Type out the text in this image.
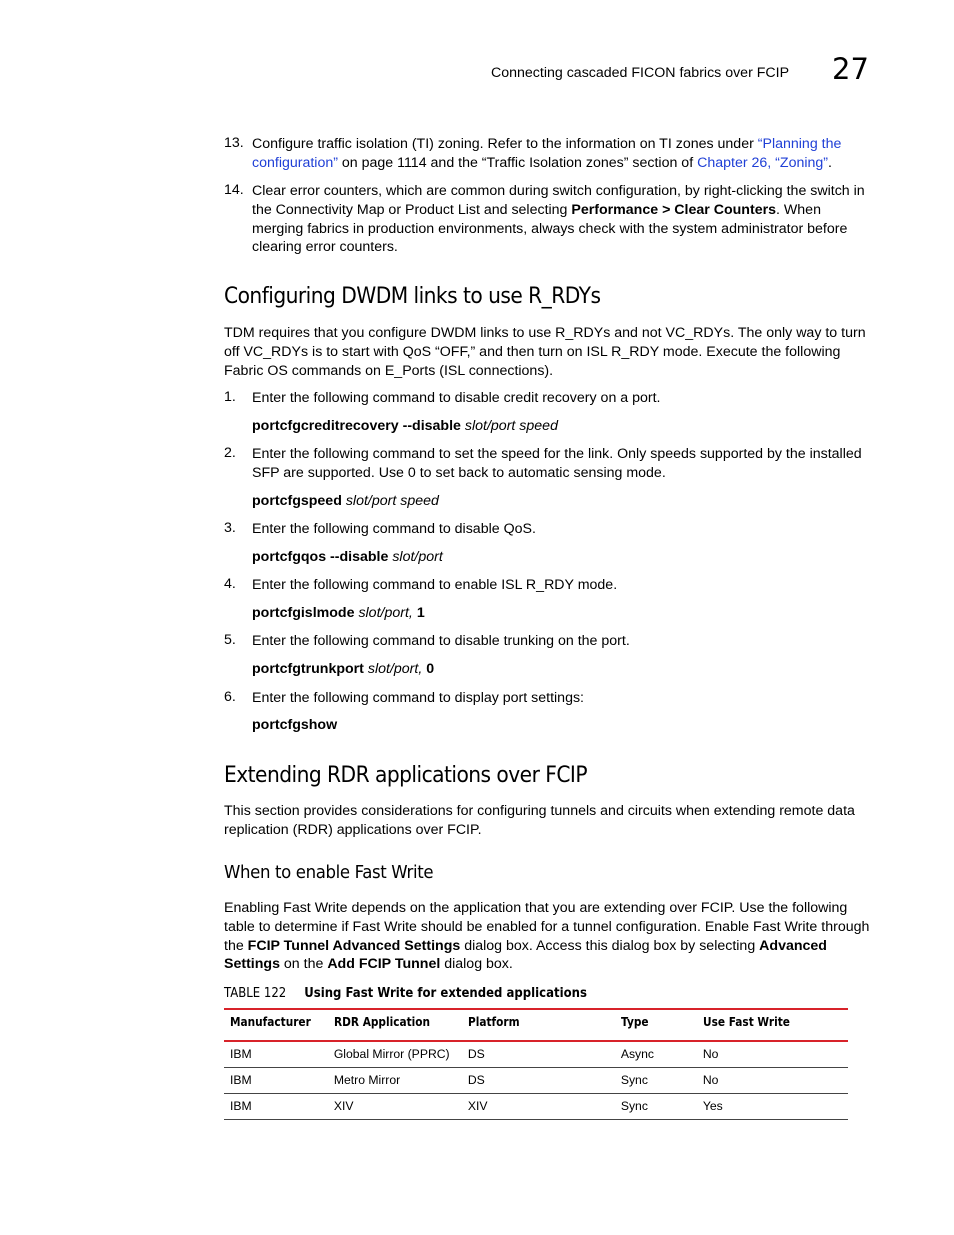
Connecting cascaded FICON fabrics over FCIP 27
13. Configure traffic isolation (TI) zoning. Refer to the information on TI zones under “Planning the configuration” on page 1114 and the “Traffic Isolation zones” section of Chapter 26, “Zoning”.
14. Clear error counters, which are common during switch configuration, by right-clicking the switch in the Connectivity Map or Product List and selecting Performance > Clear Counters. When merging fabrics in production environments, always check with the system administrator before clearing error counters.
Configuring DWDM links to use R_RDYs
TDM requires that you configure DWDM links to use R_RDYs and not VC_RDYs. The only way to turn off VC_RDYs is to start with QoS “OFF,” and then turn on ISL R_RDY mode. Execute the following Fabric OS commands on E_Ports (ISL connections).
1. Enter the following command to disable credit recovery on a port.
portcfgcreditrecovery --disable slot/port speed
2. Enter the following command to set the speed for the link. Only speeds supported by the installed SFP are supported. Use 0 to set back to automatic sensing mode.
portcfgspeed slot/port speed
3. Enter the following command to disable QoS.
portcfgqos --disable slot/port
4. Enter the following command to enable ISL R_RDY mode.
portcfgislmode slot/port, 1
5. Enter the following command to disable trunking on the port.
portcfgtrunkport slot/port, 0
6. Enter the following command to display port settings:
portcfgshow
Extending RDR applications over FCIP
This section provides considerations for configuring tunnels and circuits when extending remote data replication (RDR) applications over FCIP.
When to enable Fast Write
Enabling Fast Write depends on the application that you are extending over FCIP. Use the following table to determine if Fast Write should be enabled for a tunnel configuration. Enable Fast Write through the FCIP Tunnel Advanced Settings dialog box. Access this dialog box by selecting Advanced Settings on the Add FCIP Tunnel dialog box.
TABLE 122 Using Fast Write for extended applications
Manufacturer	RDR Application	Platform	Type	Use Fast Write
IBM	Global Mirror (PPRC)	DS	Async	No
IBM	Metro Mirror	DS	Sync	No
IBM	XIV	XIV	Sync	Yes
